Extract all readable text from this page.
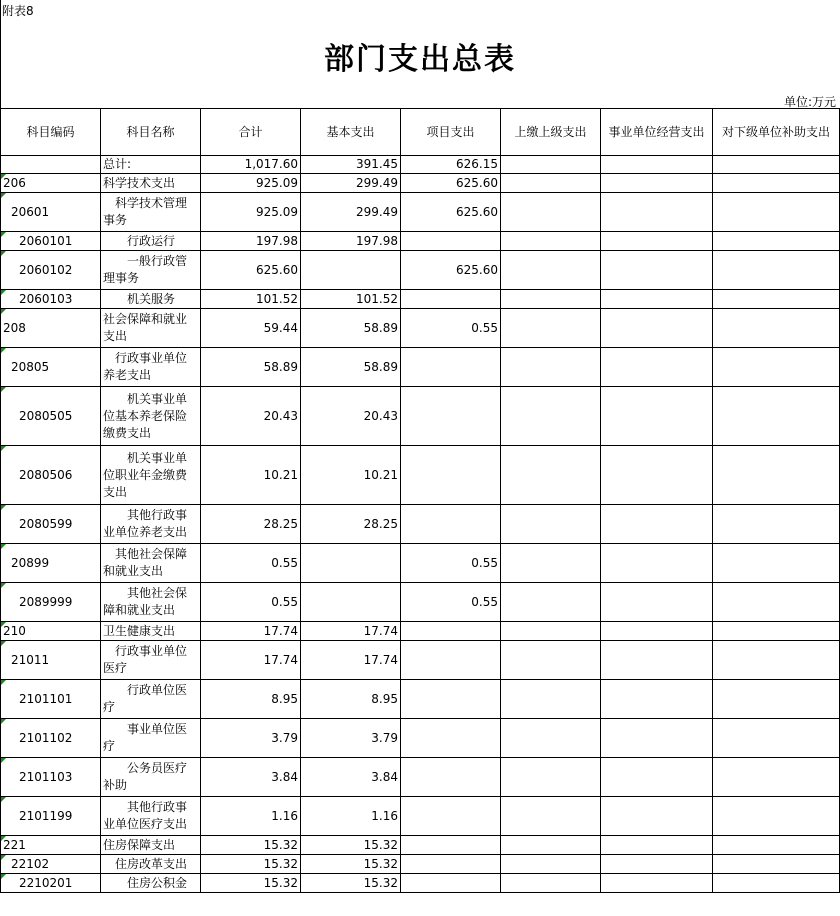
附表8
部门支出总表
单位:万元
科目编码	科目名称	合计	基本支出	项目支出	上缴上级支出	事业单位经营支出	对下级单位补助支出
	总计:	1,017.60	391.45	626.15			

206	科学技术支出	925.09	299.49	625.60			

20601	科学技术管理事务	925.09	299.49	625.60			

2060101	行政运行	197.98	197.98				

2060102	一般行政管理事务	625.60		625.60			

2060103	机关服务	101.52	101.52				

208	社会保障和就业支出	59.44	58.89	0.55			

20805	行政事业单位养老支出	58.89	58.89				

2080505	机关事业单位基本养老保险缴费支出	20.43	20.43				

2080506	机关事业单位职业年金缴费支出	10.21	10.21				

2080599	其他行政事业单位养老支出	28.25	28.25				

20899	其他社会保障和就业支出	0.55		0.55			

2089999	其他社会保障和就业支出	0.55		0.55			

210	卫生健康支出	17.74	17.74				

21011	行政事业单位医疗	17.74	17.74				

2101101	行政单位医疗	8.95	8.95				

2101102	事业单位医疗	3.79	3.79				

2101103	公务员医疗补助	3.84	3.84				

2101199	其他行政事业单位医疗支出	1.16	1.16				

221	住房保障支出	15.32	15.32				

22102	住房改革支出	15.32	15.32				

2210201	住房公积金	15.32	15.32				
